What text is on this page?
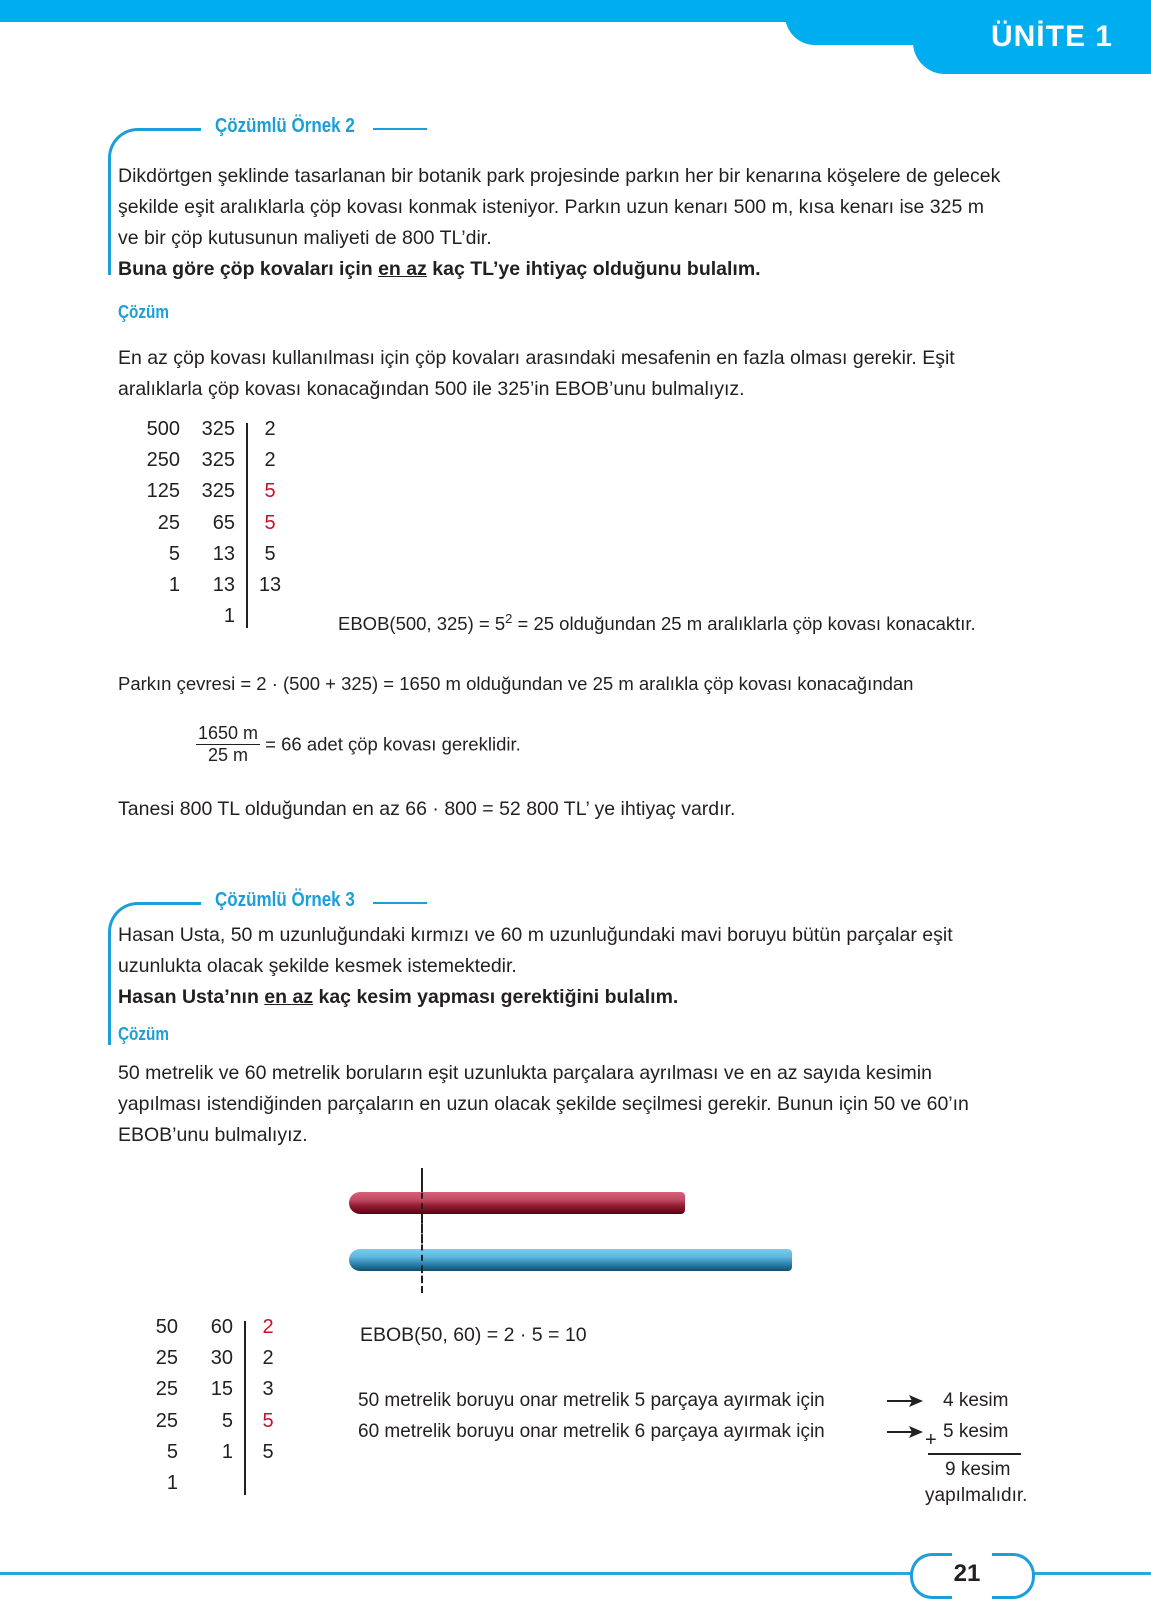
ÜNİTE 1
Çözümlü Örnek 2
Dikdörtgen şeklinde tasarlanan bir botanik park projesinde parkın her bir kenarına köşelere de gelecek
şekilde eşit aralıklarla çöp kovası konmak isteniyor. Parkın uzun kenarı 500 m, kısa kenarı ise 325 m
ve bir çöp kutusunun maliyeti de 800 TL’dir.
Buna göre çöp kovaları için en az kaç TL’ye ihtiyaç olduğunu bulalım.
Çözüm
En az çöp kovası kullanılması için çöp kovaları arasındaki mesafenin en fazla olması gerekir. Eşit
aralıklarla çöp kovası konacağından 500 ile 325’in EBOB’unu bulmalıyız.
500 325	2
250 325	2
125 325	5
25 65	5
5 13	5
1 13	13
1	EBOB(500, $325) = 5^2 = 25$ olduğundan 25 m aralıklarla çöp kovası konacaktır.
Parkın çevresi = 2 · (500 + 325) = 1650 m olduğundan ve 25 m aralıkla çöp kovası konacağından
$\frac{1650 m}{25 m} = 66$ adet çöp kovası gereklidir.
Tanesi 800 TL olduğundan en az 66 · 800 = 52 800 TL’ ye ihtiyaç vardır.
Çözümlü Örnek 3
Hasan Usta, 50 m uzunluğundaki kırmızı ve 60 m uzunluğundaki mavi boruyu bütün parçalar eşit
uzunlukta olacak şekilde kesmek istemektedir.
Hasan Usta’nın en az kaç kesim yapması gerektiğini bulalım.
Çözüm
50 metrelik ve 60 metrelik boruların eşit uzunlukta parçalara ayrılması ve en az sayıda kesimin
yapılması istendiğinden parçaların en uzun olacak şekilde seçilmesi gerekir. Bunun için 50 ve 60’ın
EBOB’unu bulmalıyız.
50 60	2
25 30	2
25 15	3
25 5	5
5 1	5
1
EBOB(50, 60) = 2 · 5 = 10
50 metrelik boruyu onar metrelik 5 parçaya ayırmak için
60 metrelik boruyu onar metrelik 6 parçaya ayırmak için
4 kesim
5 kesim
+
9 kesim
yapılmalıdır.
21
